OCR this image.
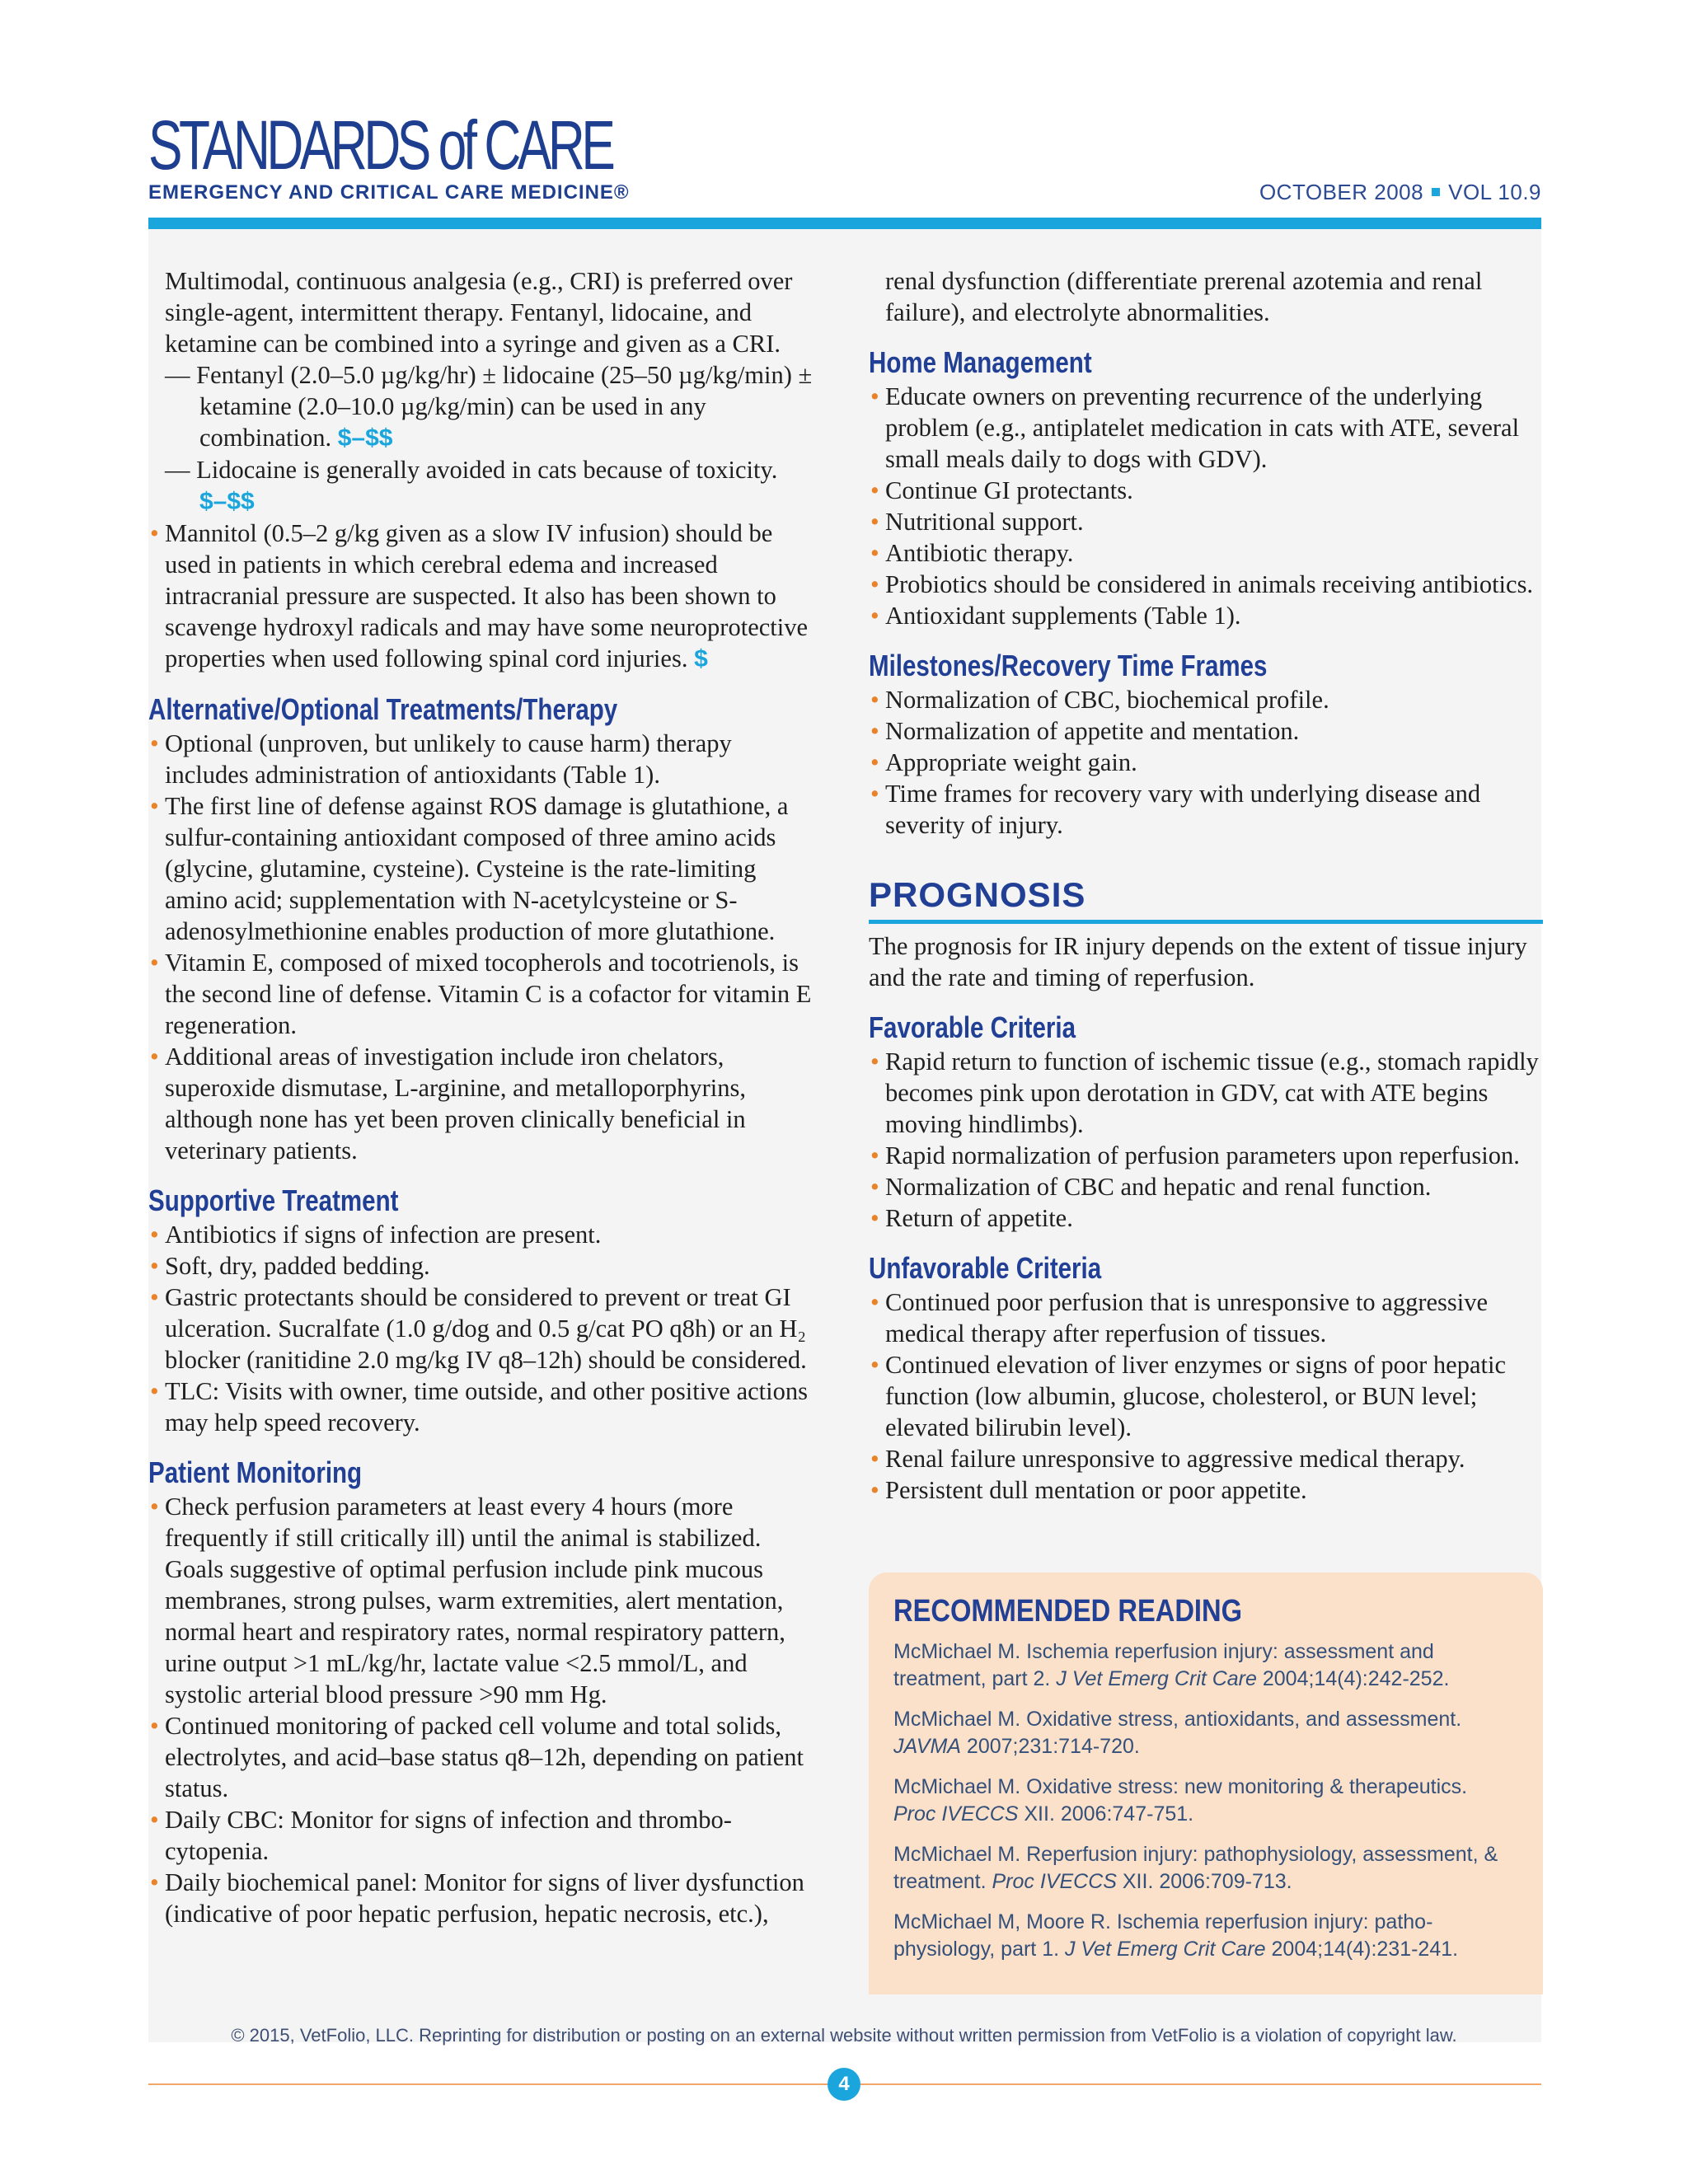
STANDARDS of CARE
EMERGENCY AND CRITICAL CARE MEDICINE®	OCTOBER 2008 VOL 10.9

Multimodal, continuous analgesia (e.g., CRI) is preferred over single-agent, intermittent therapy. Fentanyl, lidocaine, and ketamine can be combined into a syringe and given as a CRI.

— Fentanyl (2.0–5.0 µg/kg/hr) ± lidocaine (25–50 µg/kg/min) ± ketamine (2.0–10.0 µg/kg/min) can be used in any combination. $–$$

— Lidocaine is generally avoided in cats because of toxicity.

$–$$

• Mannitol (0.5–2 g/kg given as a slow IV infusion) should be used in patients in which cerebral edema and increased intracranial pressure are suspected. It also has been shown to scavenge hydroxyl radicals and may have some neuroprotective properties when used following spinal cord injuries. $
Alternative/Optional Treatments/Therapy
• Optional (unproven, but unlikely to cause harm) therapy includes administration of antioxidants (Table 1).
• The first line of defense against ROS damage is glutathione, a sulfur-containing antioxidant composed of three amino acids (glycine, glutamine, cysteine). Cysteine is the rate-limiting amino acid; supplementation with N-acetylcysteine or S-adenosylmethionine enables production of more glutathione.
• Vitamin E, composed of mixed tocopherols and tocotrienols, is the second line of defense. Vitamin C is a cofactor for vitamin E regeneration.
• Additional areas of investigation include iron chelators, superoxide dismutase, L-arginine, and metalloporphyrins, although none has yet been proven clinically beneficial in veterinary patients.
Supportive Treatment
• Antibiotics if signs of infection are present.
• Soft, dry, padded bedding.
• Gastric protectants should be considered to prevent or treat GI ulceration. Sucralfate (1.0 g/dog and 0.5 g/cat PO q8h) or an H₂ blocker (ranitidine 2.0 mg/kg IV q8–12h) should be considered.
• TLC: Visits with owner, time outside, and other positive actions may help speed recovery.
Patient Monitoring
• Check perfusion parameters at least every 4 hours (more frequently if still critically ill) until the animal is stabilized. Goals suggestive of optimal perfusion include pink mucous membranes, strong pulses, warm extremities, alert mentation, normal heart and respiratory rates, normal respiratory pattern, urine output >1 mL/kg/hr, lactate value <2.5 mmol/L, and systolic arterial blood pressure >90 mm Hg.
• Continued monitoring of packed cell volume and total solids, electrolytes, and acid–base status q8–12h, depending on patient status.
• Daily CBC: Monitor for signs of infection and thrombo-cytopenia.
• Daily biochemical panel: Monitor for signs of liver dysfunction (indicative of poor hepatic perfusion, hepatic necrosis, etc.),

renal dysfunction (differentiate prerenal azotemia and renal failure), and electrolyte abnormalities.

Home Management
• Educate owners on preventing recurrence of the underlying problem (e.g., antiplatelet medication in cats with ATE, several small meals daily to dogs with GDV).
• Continue GI protectants.
• Nutritional support.
• Antibiotic therapy.
• Probiotics should be considered in animals receiving antibiotics.
• Antioxidant supplements (Table 1).
Milestones/Recovery Time Frames
• Normalization of CBC, biochemical profile.
• Normalization of appetite and mentation.
• Appropriate weight gain.
• Time frames for recovery vary with underlying disease and severity of injury.
PROGNOSIS

The prognosis for IR injury depends on the extent of tissue injury and the rate and timing of reperfusion.

Favorable Criteria
• Rapid return to function of ischemic tissue (e.g., stomach rapidly becomes pink upon derotation in GDV, cat with ATE begins moving hindlimbs).
• Rapid normalization of perfusion parameters upon reperfusion.
• Normalization of CBC and hepatic and renal function.
• Return of appetite.
Unfavorable Criteria
• Continued poor perfusion that is unresponsive to aggressive medical therapy after reperfusion of tissues.
• Continued elevation of liver enzymes or signs of poor hepatic function (low albumin, glucose, cholesterol, or BUN level; elevated bilirubin level).
• Renal failure unresponsive to aggressive medical therapy.
• Persistent dull mentation or poor appetite.
RECOMMENDED READING
McMichael M. Ischemia reperfusion injury: assessment and treatment, part 2. J Vet Emerg Crit Care 2004;14(4):242-252.
McMichael M. Oxidative stress, antioxidants, and assessment. JAVMA 2007;231:714-720.
McMichael M. Oxidative stress: new monitoring & therapeutics. Proc IVECCS XII. 2006:747-751.
McMichael M. Reperfusion injury: pathophysiology, assessment, & treatment. Proc IVECCS XII. 2006:709-713.
McMichael M, Moore R. Ischemia reperfusion injury: patho-physiology, part 1. J Vet Emerg Crit Care 2004;14(4):231-241.
© 2015, VetFolio, LLC. Reprinting for distribution or posting on an external website without written permission from VetFolio is a violation of copyright law.
4
